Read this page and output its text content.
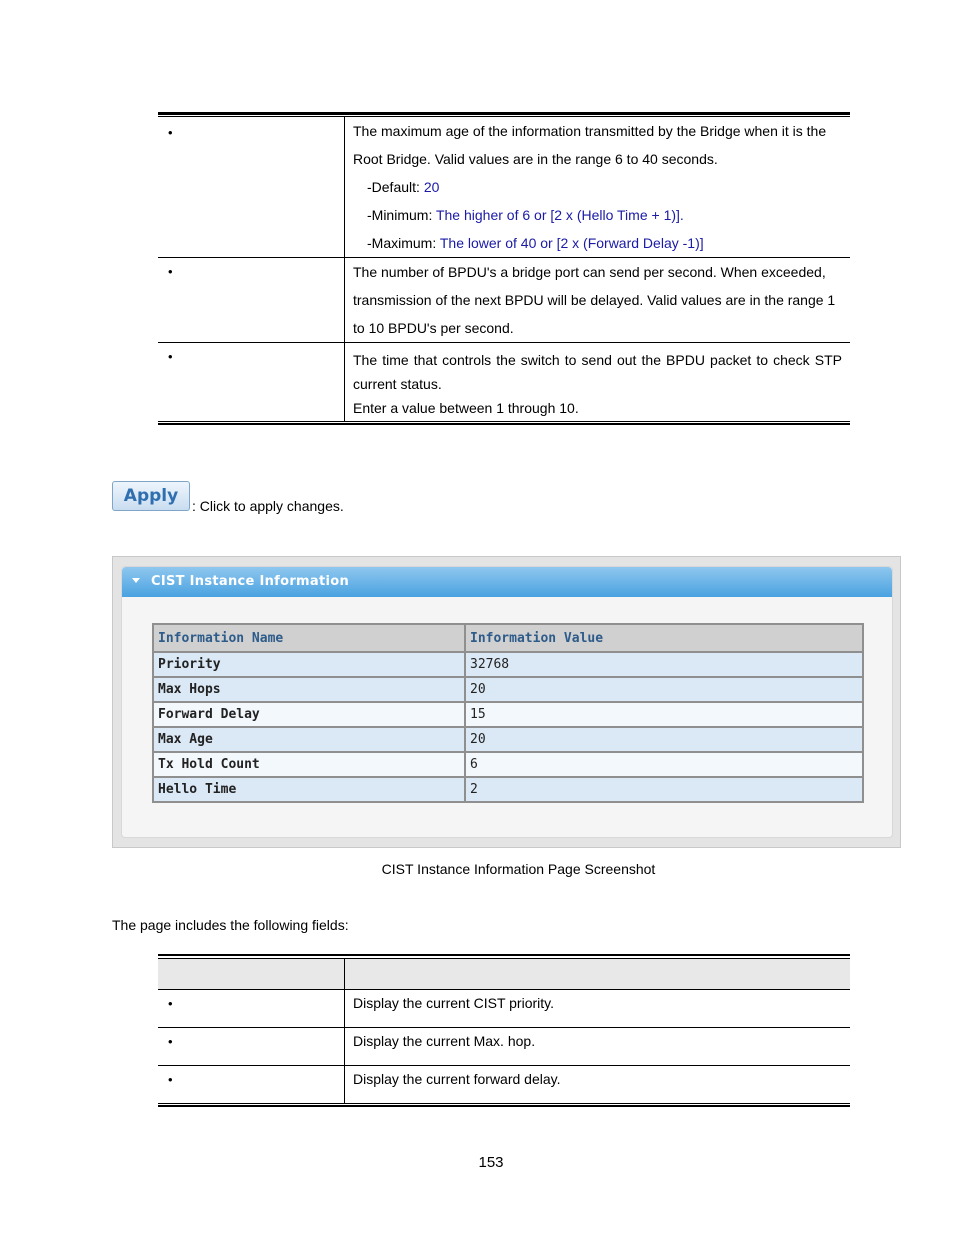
•	The maximum age of the information transmitted by the Bridge when it is the
Root Bridge. Valid values are in the range 6 to 40 seconds.
-Default: 20
-Minimum: The higher of 6 or [2 x (Hello Time + 1)].
-Maximum: The lower of 40 or [2 x (Forward Delay -1)]
•	The number of BPDU's a bridge port can send per second. When exceeded,
transmission of the next BPDU will be delayed. Valid values are in the range 1
to 10 BPDU's per second.
•	The time that controls the switch to send out the BPDU packet to check STP
current status.
Enter a value between 1 through 10.
Apply : Click to apply changes.
CIST Instance Information
Information Name	Information Value
Priority	32768
Max Hops	20
Forward Delay	15
Max Age	20
Tx Hold Count	6
Hello Time	2
CIST Instance Information Page Screenshot
The page includes the following fields:
•	Display the current CIST priority.
•	Display the current Max. hop.
•	Display the current forward delay.
153
